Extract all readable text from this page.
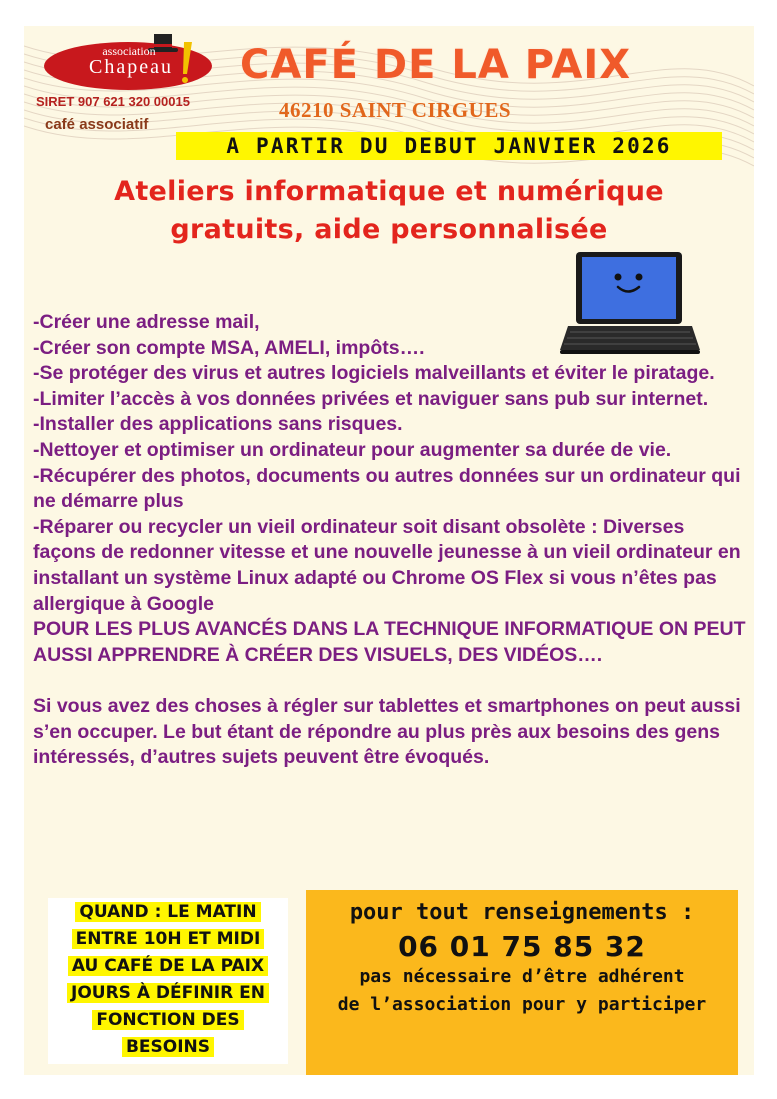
association
Chapeau
SIRET 907 621 320 00015
café associatif
CAFÉ DE LA PAIX
46210 SAINT CIRGUES
A PARTIR DU DEBUT JANVIER 2026
Ateliers informatique et numérique
gratuits, aide personnalisée

-Créer une adresse mail,

-Créer son compte MSA, AMELI, impôts….

-Se protéger des virus et autres logiciels malveillants et éviter le piratage.

-Limiter l’accès à vos données privées et naviguer sans pub sur internet.

-Installer des applications sans risques.

-Nettoyer et optimiser un ordinateur pour augmenter sa durée de vie.

-Récupérer des photos, documents ou autres données sur un ordinateur qui ne démarre plus

-Réparer ou recycler un vieil ordinateur soit disant obsolète : Diverses façons de redonner vitesse et une nouvelle jeunesse à un vieil ordinateur en installant un système Linux adapté ou Chrome OS Flex si vous n’êtes pas allergique à Google

POUR LES PLUS AVANCÉS DANS LA TECHNIQUE INFORMATIQUE ON PEUT AUSSI APPRENDRE À CRÉER DES VISUELS, DES VIDÉOS….

Si vous avez des choses à régler sur tablettes et smartphones on peut aussi s’en occuper. Le but étant de répondre au plus près aux besoins des gens intéressés, d’autres sujets peuvent être évoqués.

QUAND : LE MATIN
ENTRE 10H ET MIDI
AU CAFÉ DE LA PAIX
JOURS À DÉFINIR EN
FONCTION DES
BESOINS
pour tout renseignements :
06 01 75 85 32
pas nécessaire d’être adhérent
de l’association pour y participer
